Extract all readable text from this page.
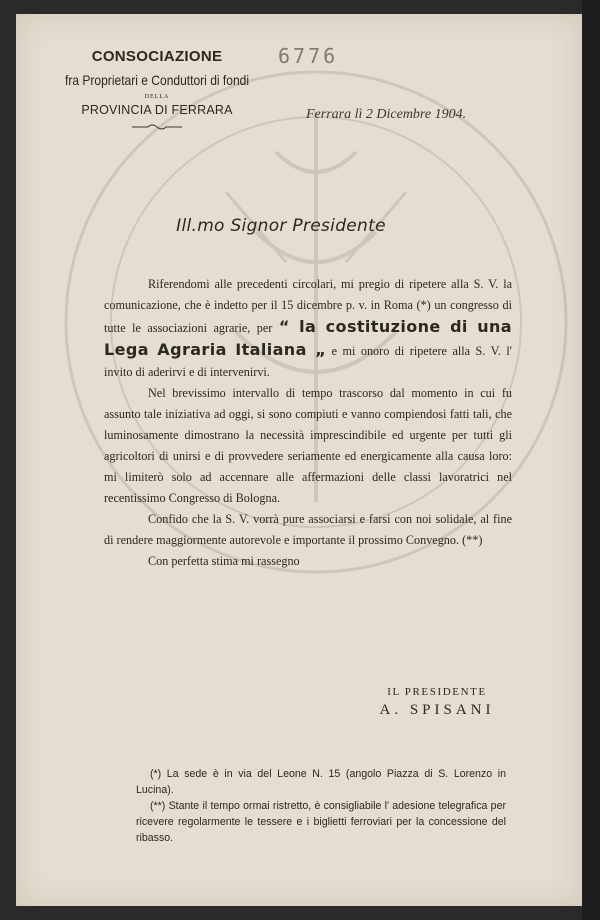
6776
CONSOCIAZIONE
fra Proprietari e Conduttori di fondi
DELLA
PROVINCIA DI FERRARA	Ferrara lì 2 Dicembre 1904.
Ill.mo Signor Presidente

Riferendomi alle precedenti circolari, mi pregio di ripetere alla S. V. la comunicazione, che è indetto per il 15 dicembre p. v. in Roma (*) un congresso di tutte le associazioni agrarie, per “ la costituzione di una Lega Agraria Italiana „ e mi onoro di ripetere alla S. V. l' invito di aderirvi e di intervenirvi.

Nel brevissimo intervallo di tempo trascorso dal momento in cui fu assunto tale iniziativa ad oggi, si sono compiuti e vanno compiendosi fatti tali, che luminosamente dimostrano la necessità imprescindibile ed urgente per tutti gli agricoltori di unirsi e di provvedere seriamente ed energicamente alla causa loro: mi limiterò solo ad accennare alle affermazioni delle classi lavoratrici nel recentissimo Congresso di Bologna.

Confido che la S. V. vorrà pure associarsi e farsi con noi solidale, al fine di rendere maggiormente autorevole e importante il prossimo Convegno. (**)

Con perfetta stima mi rassegno

IL PRESIDENTE
A. SPISANI

(*) La sede è in via del Leone N. 15 (angolo Piazza di S. Lorenzo in Lucina).

(**) Stante il tempo ormai ristretto, è consigliabile l' adesione telegrafica per ricevere regolarmente le tessere e i biglietti ferroviari per la concessione del ribasso.
